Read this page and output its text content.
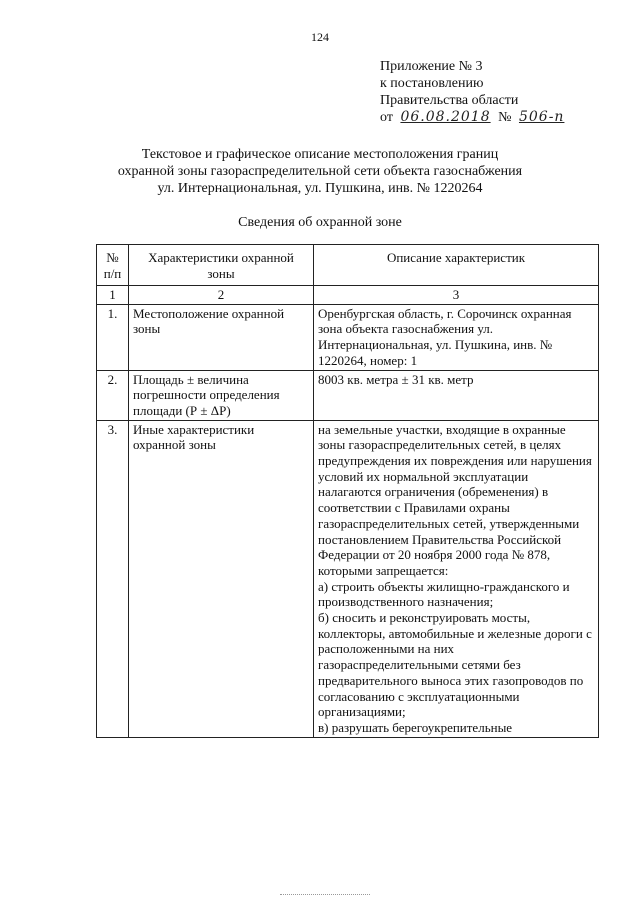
124
Приложение № 3
к постановлению
Правительства области
от 06.08.2018 № 506-п
Текстовое и графическое описание местоположения границ
охранной зоны газораспределительной сети объекта газоснабжения
ул. Интернациональная, ул. Пушкина, инв. № 1220264
Сведения об охранной зоне
№ п/п	Характеристики охранной зоны	Описание характеристик
1	2	3
1.	Местоположение охранной зоны	Оренбургская область, г. Сорочинск охранная зона объекта газоснабжения ул. Интернациональная, ул. Пушкина, инв. № 1220264, номер: 1
2.	Площадь ± величина погрешности определения площади (Р ± ΔР)	8003 кв. метра ± 31 кв. метр
3.	Иные характеристики охранной зоны	на земельные участки, входящие в охранные зоны газораспределительных сетей, в целях предупреждения их повреждения или нарушения условий их нормальной эксплуатации налагаются ограничения (обременения) в соответствии с Правилами охраны газораспределительных сетей, утвержденными постановлением Правительства Российской Федерации от 20 ноября 2000 года № 878, которыми запрещается:
а) строить объекты жилищно-гражданского и производственного назначения;
б) сносить и реконструировать мосты, коллекторы, автомобильные и железные дороги с расположенными на них газораспределительными сетями без предварительного выноса этих газопроводов по согласованию с эксплуатационными организациями;
в) разрушать берегоукрепительные
